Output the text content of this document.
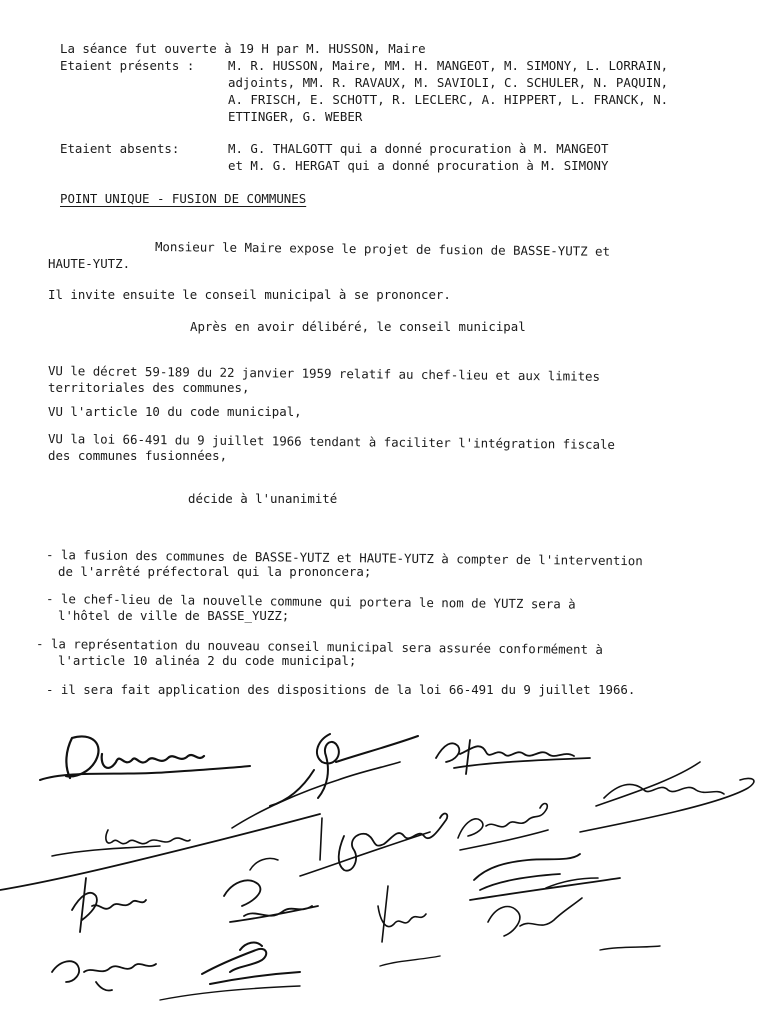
La séance fut ouverte à 19 H par M. HUSSON, Maire
Etaient présents :	M. R. HUSSON, Maire, MM. H. MANGEOT, M. SIMONY, L. LORRAIN,
adjoints, MM. R. RAVAUX, M. SAVIOLI, C. SCHULER, N. PAQUIN,
A. FRISCH, E. SCHOTT, R. LECLERC, A. HIPPERT, L. FRANCK, N.
ETTINGER, G. WEBER
Etaient absents:	M. G. THALGOTT qui a donné procuration à M. MANGEOT
et M. G. HERGAT qui a donné procuration à M. SIMONY
POINT UNIQUE - FUSION DE COMMUNES
Monsieur le Maire expose le projet de fusion de BASSE-YUTZ et
HAUTE-YUTZ.
Il invite ensuite le conseil municipal à se prononcer.
Après en avoir délibéré, le conseil municipal
VU le décret 59-189 du 22 janvier 1959 relatif au chef-lieu et aux limites
territoriales des communes,
VU l'article 10 du code municipal,
VU la loi 66-491 du 9 juillet 1966 tendant à faciliter l'intégration fiscale
des communes fusionnées,
décide à l'unanimité
- la fusion des communes de BASSE-YUTZ et HAUTE-YUTZ à compter de l'intervention
de l'arrêté préfectoral qui la prononcera;
- le chef-lieu de la nouvelle commune qui portera le nom de YUTZ sera à
l'hôtel de ville de BASSE_YUZZ;
- la représentation du nouveau conseil municipal sera assurée conformément à
l'article 10 alinéa 2 du code municipal;
- il sera fait application des dispositions de la loi 66-491 du 9 juillet 1966.
